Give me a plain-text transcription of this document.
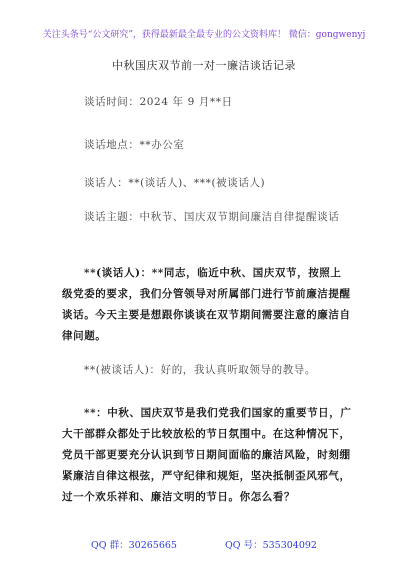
关注头条号“公文研究”，获得最新最全最专业的公文资料库！ 微信：gongwenyj
中秋国庆双节前一对一廉洁谈话记录
谈话时间：2024 年 9 月**日
谈话地点：**办公室
谈话人：**(谈话人)、***(被谈话人)
谈话主题：中秋节、国庆双节期间廉洁自律提醒谈话
**(谈话人)：**同志，临近中秋、国庆双节，按照上级党委的要求，我们分管领导对所属部门进行节前廉洁提醒谈话。今天主要是想跟你谈谈在双节期间需要注意的廉洁自律问题。
**(被谈话人)：好的，我认真听取领导的教导。
**：中秋、国庆双节是我们党我们国家的重要节日，广大干部群众都处于比较放松的节日氛围中。在这种情况下，党员干部更要充分认识到节日期间面临的廉洁风险，时刻绷紧廉洁自律这根弦，严守纪律和规矩，坚决抵制歪风邪气，过一个欢乐祥和、廉洁文明的节日。你怎么看？
QQ 群：30265665	QQ 号：535304092
